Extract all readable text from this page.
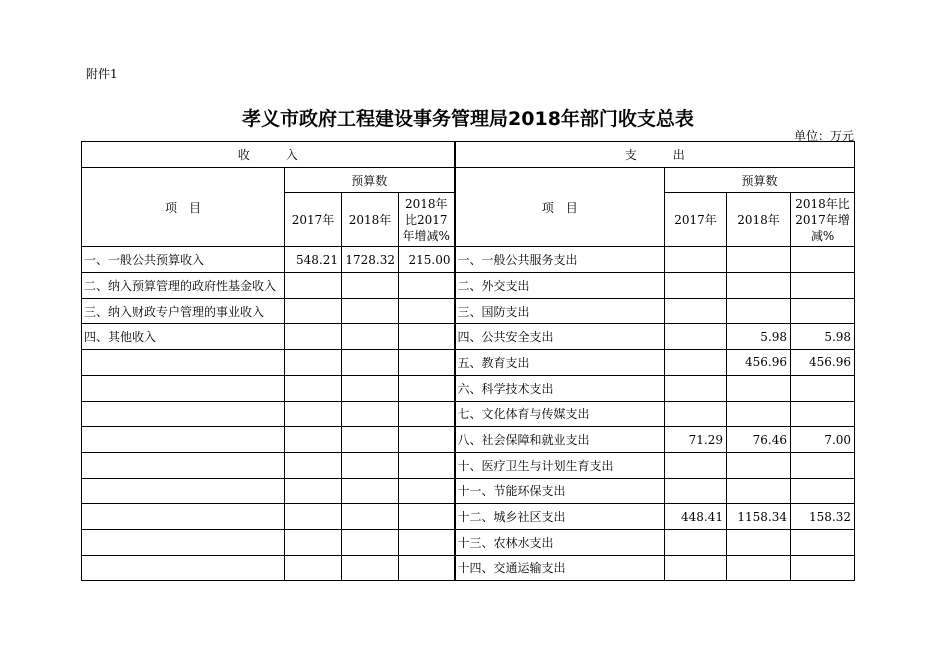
附件1
孝义市政府工程建设事务管理局2018年部门收支总表
单位：万元
收　　　入				支　　　出			
项　目	预算数			项　目	预算数		
	2017年	2018年	2018年比2017年增减%		2017年	2018年	2018年比2017年增减%
一、一般公共预算收入	548.21	1728.32	215.00	一、一般公共服务支出			
二、纳入预算管理的政府性基金收入				二、外交支出			
三、纳入财政专户管理的事业收入				三、国防支出			
四、其他收入				四、公共安全支出		5.98	5.98
				五、教育支出		456.96	456.96
				六、科学技术支出			
				七、文化体育与传媒支出			
				八、社会保障和就业支出	71.29	76.46	7.00
				十、医疗卫生与计划生育支出			
				十一、节能环保支出			
				十二、城乡社区支出	448.41	1158.34	158.32
				十三、农林水支出			
				十四、交通运输支出			
